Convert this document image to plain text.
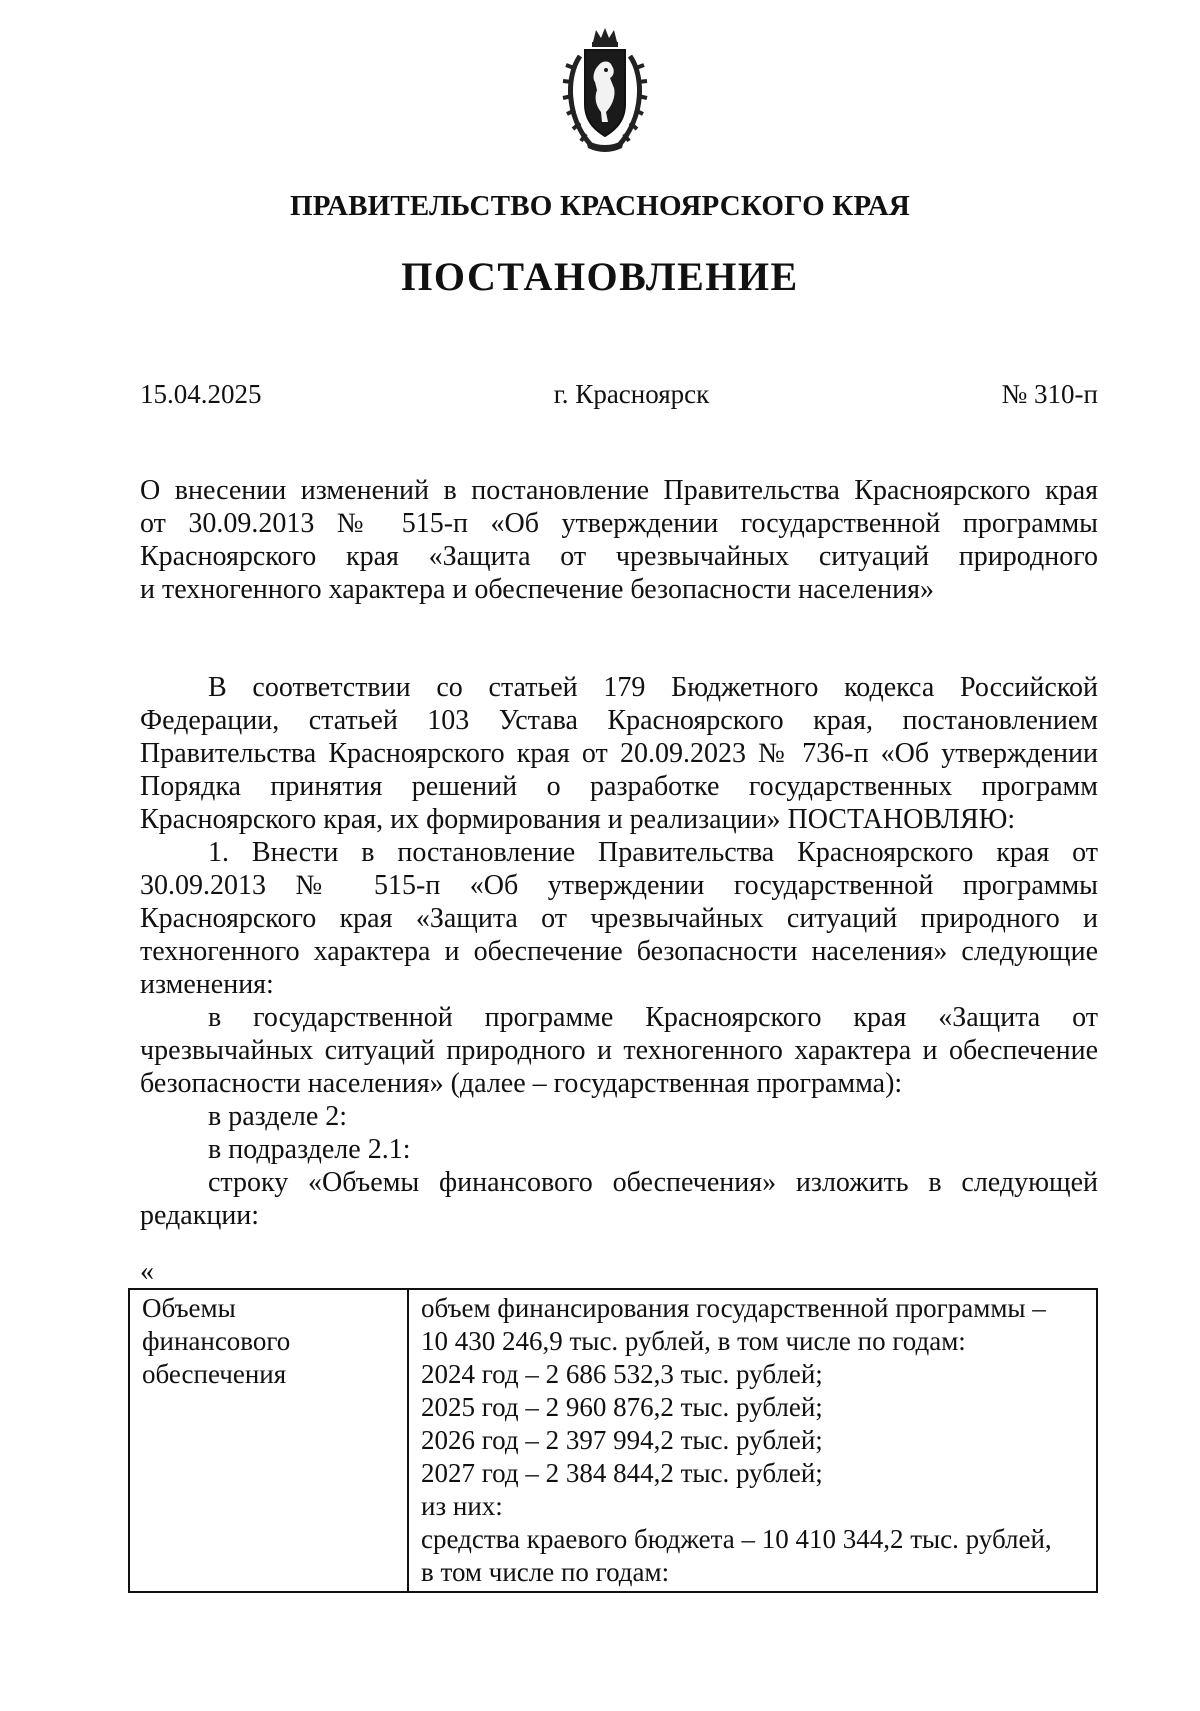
ПРАВИТЕЛЬСТВО КРАСНОЯРСКОГО КРАЯ
ПОСТАНОВЛЕНИЕ
15.04.2025	г. Красноярск	№ 310-п
О внесении изменений в постановление Правительства Красноярского края
от 30.09.2013 № 515-п «Об утверждении государственной программы
Красноярского края «Защита от чрезвычайных ситуаций природного
и техногенного характера и обеспечение безопасности населения»

В соответствии со статьей 179 Бюджетного кодекса Российской Федерации, статьей 103 Устава Красноярского края, постановлением Правительства Красноярского края от 20.09.2023 № 736-п «Об утверждении Порядка принятия решений о разработке государственных программ Красноярского края, их формирования и реализации» ПОСТАНОВЛЯЮ:

1. Внести в постановление Правительства Красноярского края от 30.09.2013 № 515-п «Об утверждении государственной программы Красноярского края «Защита от чрезвычайных ситуаций природного и техногенного характера и обеспечение безопасности населения» следующие изменения:

в государственной программе Красноярского края «Защита от чрезвычайных ситуаций природного и техногенного характера и обеспечение безопасности населения» (далее – государственная программа):

в разделе 2:

в подразделе 2.1:

строку «Объемы финансового обеспечения» изложить в следующей редакции:

«
Объемы
финансового
обеспечения

объем финансирования государственной программы –
10 430 246,9 тыс. рублей, в том числе по годам:
2024 год – 2 686 532,3 тыс. рублей;
2025 год – 2 960 876,2 тыс. рублей;
2026 год – 2 397 994,2 тыс. рублей;
2027 год – 2 384 844,2 тыс. рублей;
из них:
средства краевого бюджета – 10 410 344,2 тыс. рублей,
в том числе по годам:
